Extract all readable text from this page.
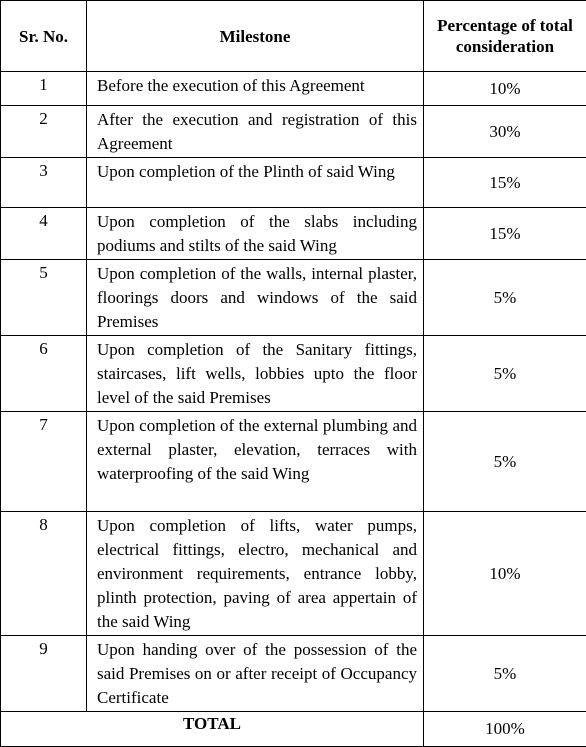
Sr. No.	Milestone	Percentage of total consideration
1	Before the execution of this Agreement	10%
2	After the execution and registration of this Agreement	30%
3	Upon completion of the Plinth of said Wing	15%
4	Upon completion of the slabs including podiums and stilts of the said Wing	15%
5	Upon completion of the walls, internal plaster, floorings doors and windows of the said Premises	5%
6	Upon completion of the Sanitary fittings, staircases, lift wells, lobbies upto the floor level of the said Premises	5%
7	Upon completion of the external plumbing and external plaster, elevation, terraces with waterproofing of the said Wing	5%
8	Upon completion of lifts, water pumps, electrical fittings, electro, mechanical and environment requirements, entrance lobby, plinth protection, paving of area appertain of the said Wing	10%
9	Upon handing over of the possession of the said Premises on or after receipt of Occupancy Certificate	5%
TOTAL		100%
